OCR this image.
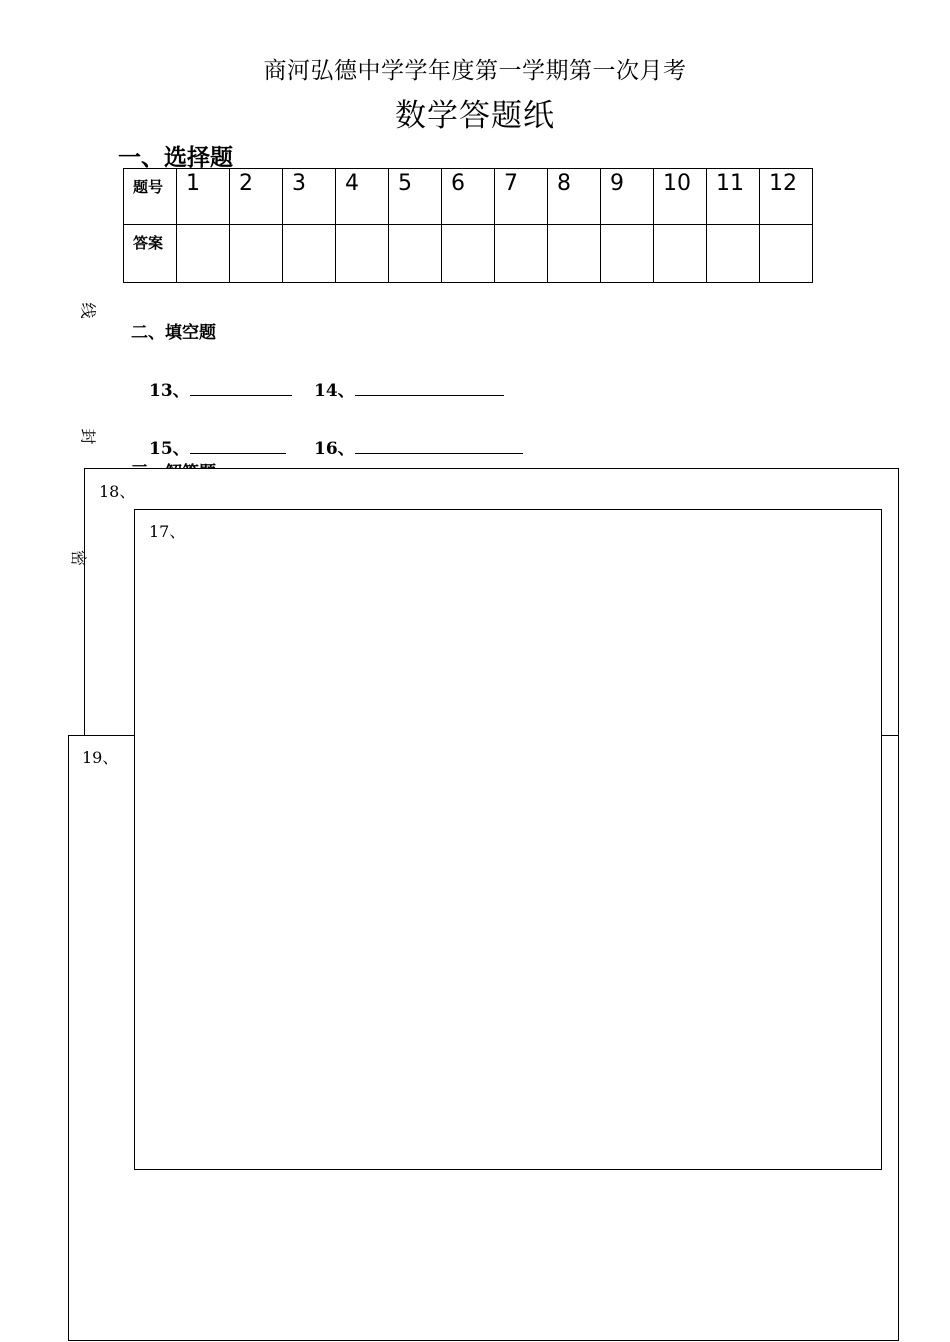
商河弘德中学学年度第一学期第一次月考
数学答题纸
一、选择题
题号	1	2	3	4	5	6	7	8	9	10	11	12
答案												
线
封
二、填空题
13、	14、
15、	16、
18、
密
19、
17、
